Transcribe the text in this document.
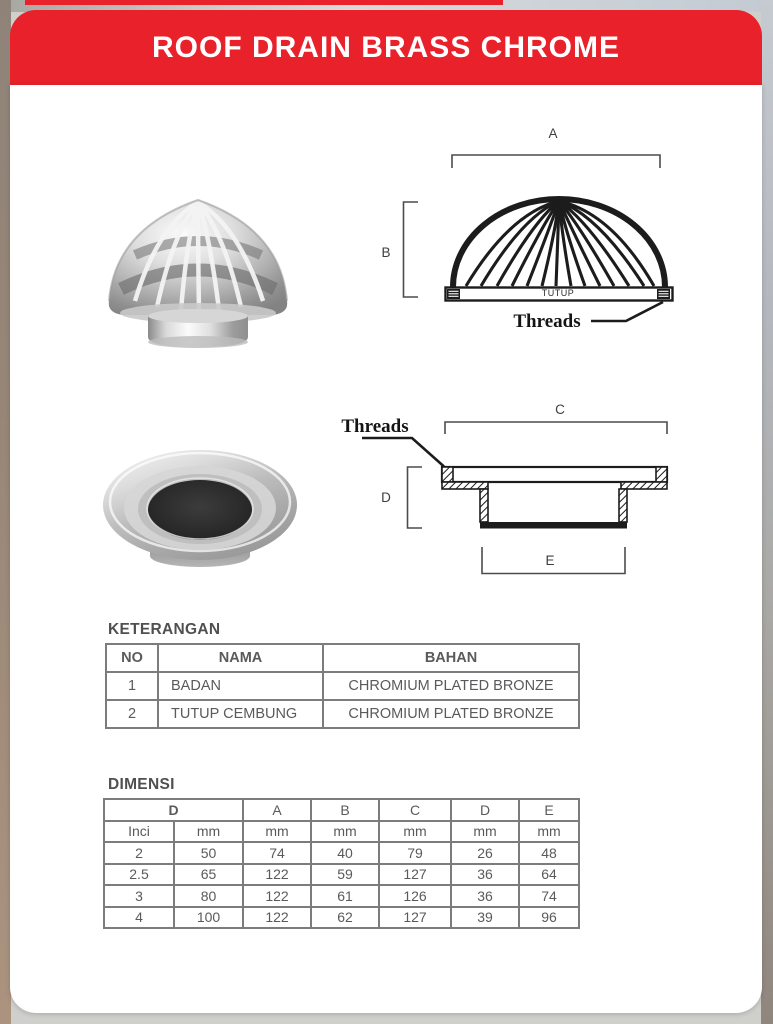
ROOF DRAIN BRASS CHROME
A
B
TUTUP
Threads
Threads
C
D
E
KETERANGAN
NO	NAMA	BAHAN
1	BADAN	CHROMIUM PLATED BRONZE
2	TUTUP CEMBUNG	CHROMIUM PLATED BRONZE
DIMENSI
D		A	B	C	D	E
Inci	mm	mm	mm	mm	mm	mm
2	50	74	40	79	26	48
2.5	65	122	59	127	36	64
3	80	122	61	126	36	74
4	100	122	62	127	39	96
